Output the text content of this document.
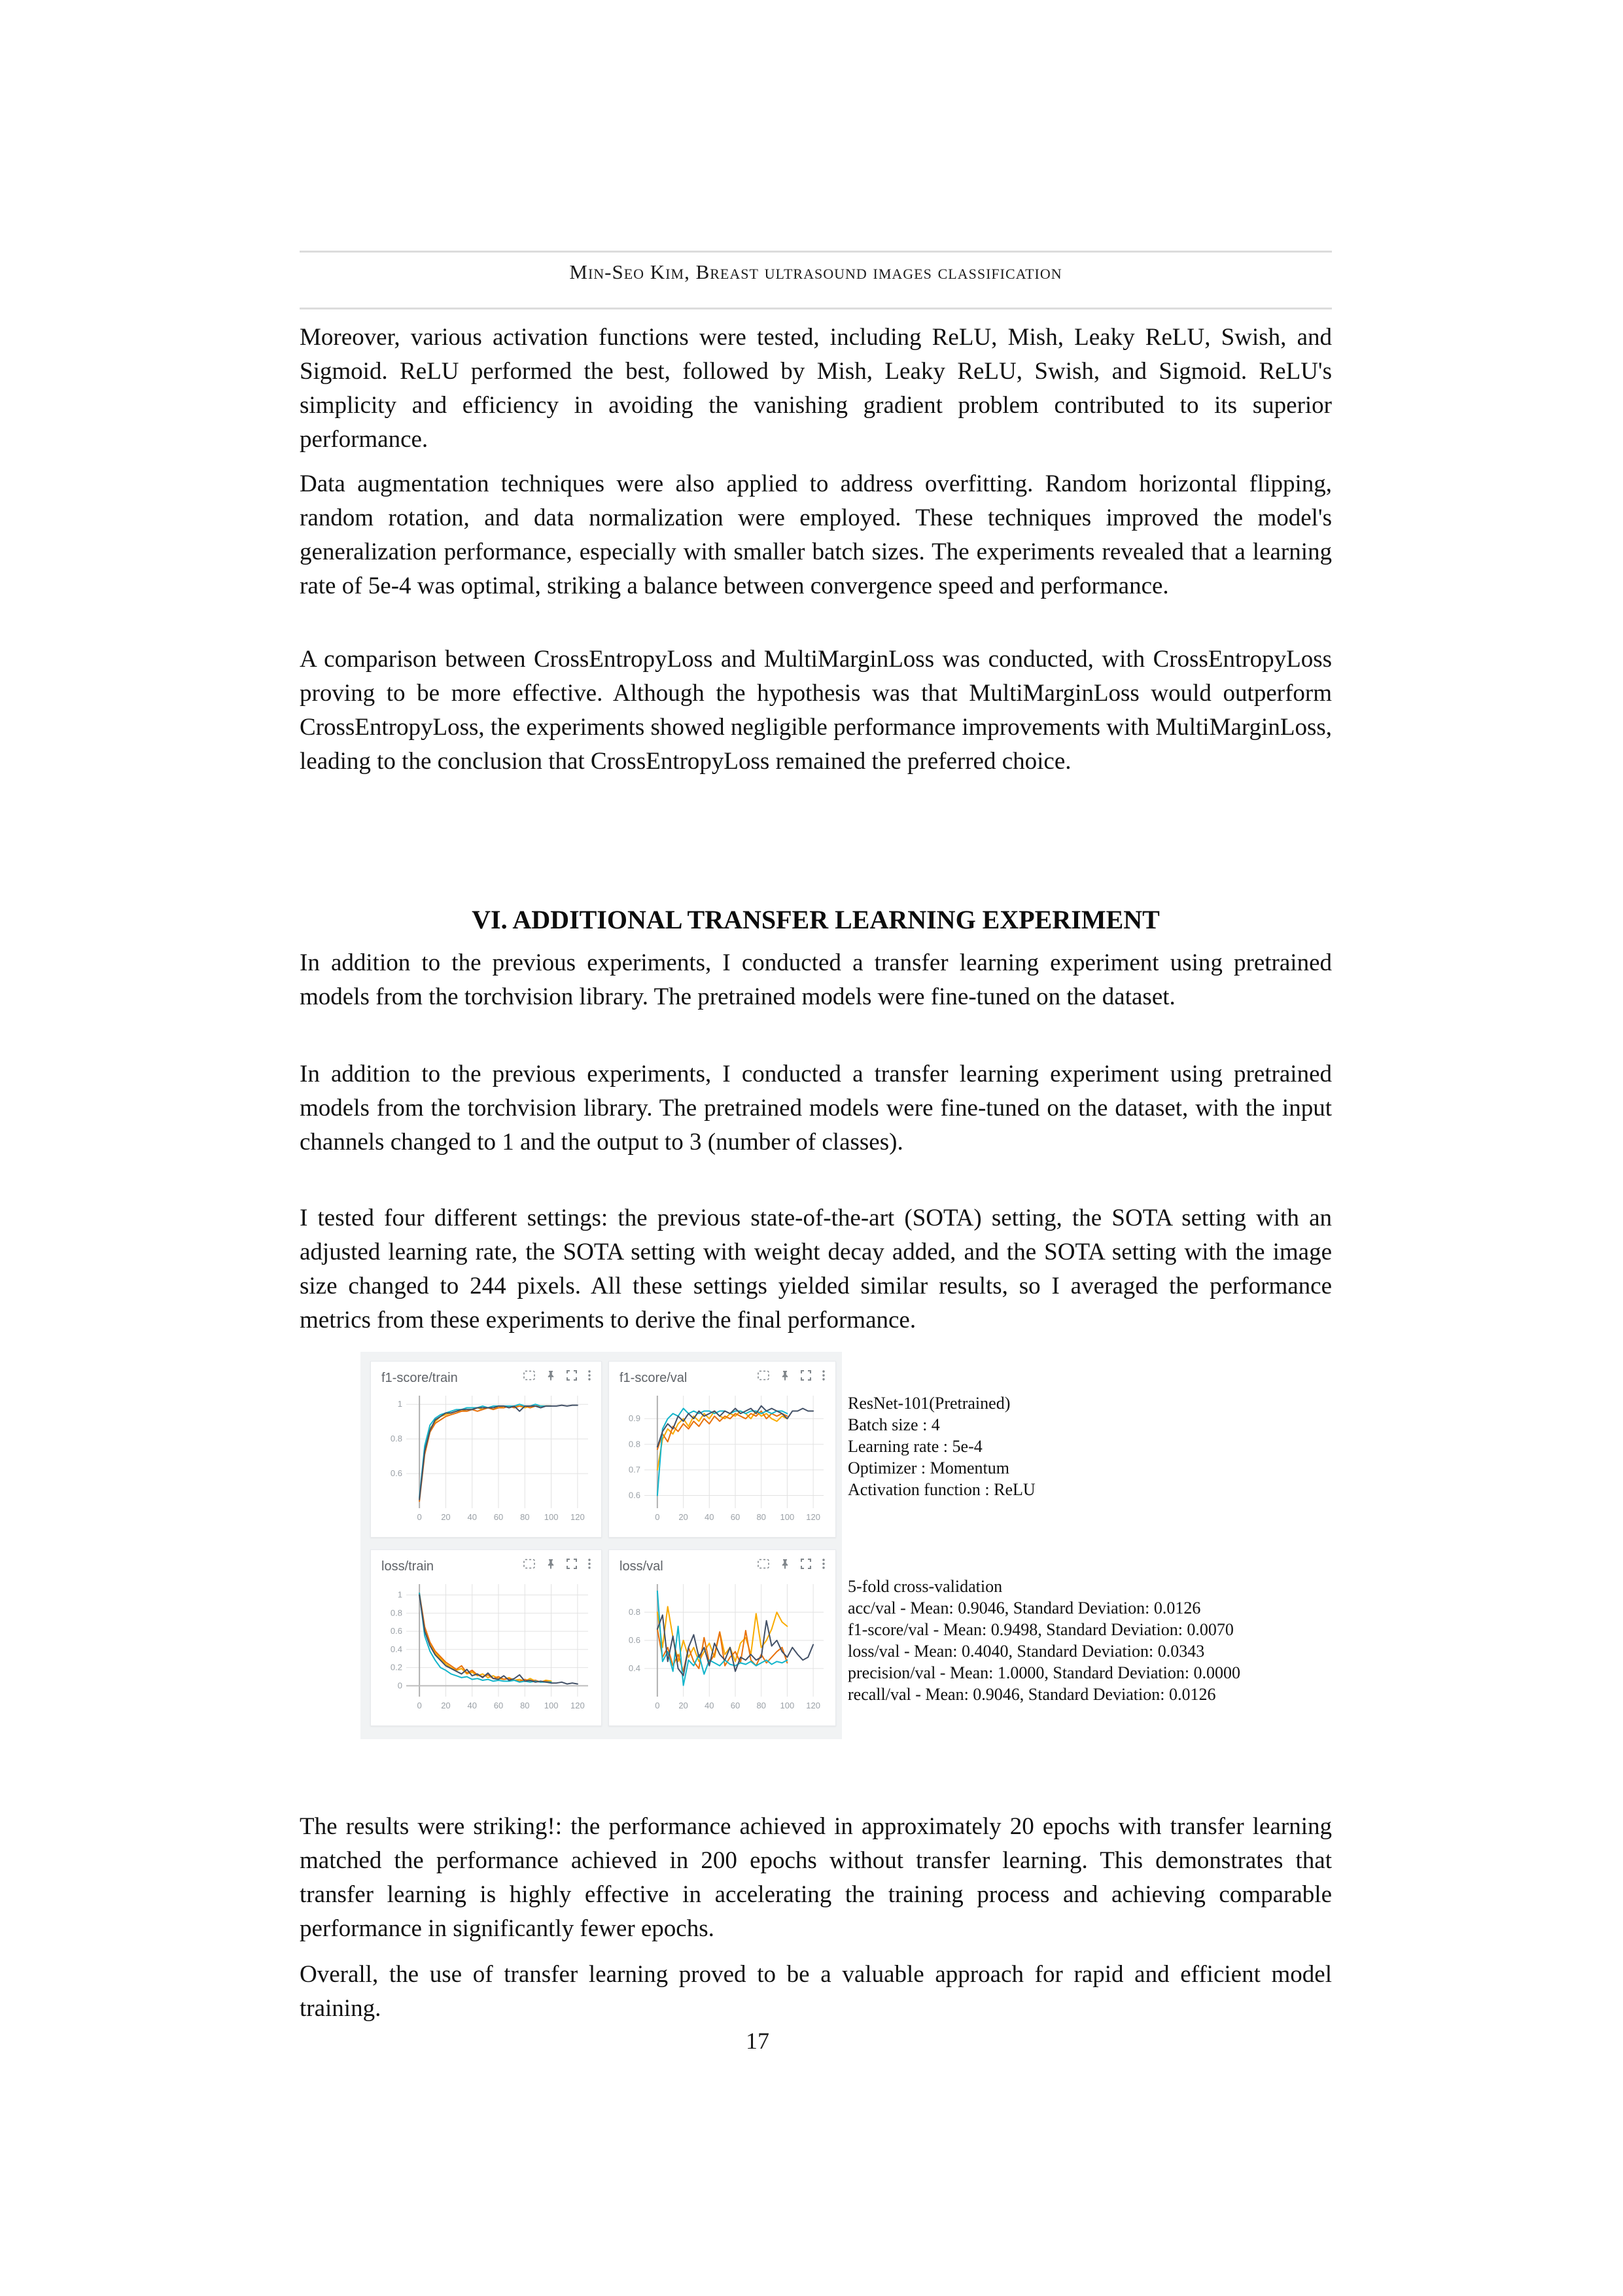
Min-Seo Kim, Breast ultrasound images classification
Moreover, various activation functions were tested, including ReLU, Mish, Leaky ReLU, Swish, and Sigmoid. ReLU performed the best, followed by Mish, Leaky ReLU, Swish, and Sigmoid. ReLU's simplicity and efficiency in avoiding the vanishing gradient problem contributed to its superior performance.
Data augmentation techniques were also applied to address overfitting. Random horizontal flipping, random rotation, and data normalization were employed. These techniques improved the model's generalization performance, especially with smaller batch sizes. The experiments revealed that a learning rate of 5e-4 was optimal, striking a balance between convergence speed and performance.
A comparison between CrossEntropyLoss and MultiMarginLoss was conducted, with CrossEntropyLoss proving to be more effective. Although the hypothesis was that MultiMarginLoss would outperform CrossEntropyLoss, the experiments showed negligible performance improvements with MultiMarginLoss, leading to the conclusion that CrossEntropyLoss remained the preferred choice.
VI. ADDITIONAL TRANSFER LEARNING EXPERIMENT
In addition to the previous experiments, I conducted a transfer learning experiment using pretrained models from the torchvision library. The pretrained models were fine-tuned on the dataset.
In addition to the previous experiments, I conducted a transfer learning experiment using pretrained models from the torchvision library. The pretrained models were fine-tuned on the dataset, with the input channels changed to 1 and the output to 3 (number of classes).
I tested four different settings: the previous state-of-the-art (SOTA) setting, the SOTA setting with an adjusted learning rate, the SOTA setting with weight decay added, and the SOTA setting with the image size changed to 244 pixels. All these settings yielded similar results, so I averaged the performance metrics from these experiments to derive the final performance.
f1-score/train
0 20 40 60 80 100 120
0.6
0.8
1
f1-score/val
0 20 40 60 80 100 120
0.6
0.7
0.8
0.9
loss/train
0 20 40 60 80 100 120
0
0.2
0.4
0.6
0.8
1
loss/val
0 20 40 60 80 100 120
0.4
0.6
0.8
ResNet-101(Pretrained)
Batch size : 4
Learning rate : 5e-4
Optimizer : Momentum
Activation function : ReLU
5-fold cross-validation
acc/val - Mean: 0.9046, Standard Deviation: 0.0126
f1-score/val - Mean: 0.9498, Standard Deviation: 0.0070
loss/val - Mean: 0.4040, Standard Deviation: 0.0343
precision/val - Mean: 1.0000, Standard Deviation: 0.0000
recall/val - Mean: 0.9046, Standard Deviation: 0.0126
The results were striking!: the performance achieved in approximately 20 epochs with transfer learning matched the performance achieved in 200 epochs without transfer learning. This demonstrates that transfer learning is highly effective in accelerating the training process and achieving comparable performance in significantly fewer epochs.
Overall, the use of transfer learning proved to be a valuable approach for rapid and efficient model training.
17
